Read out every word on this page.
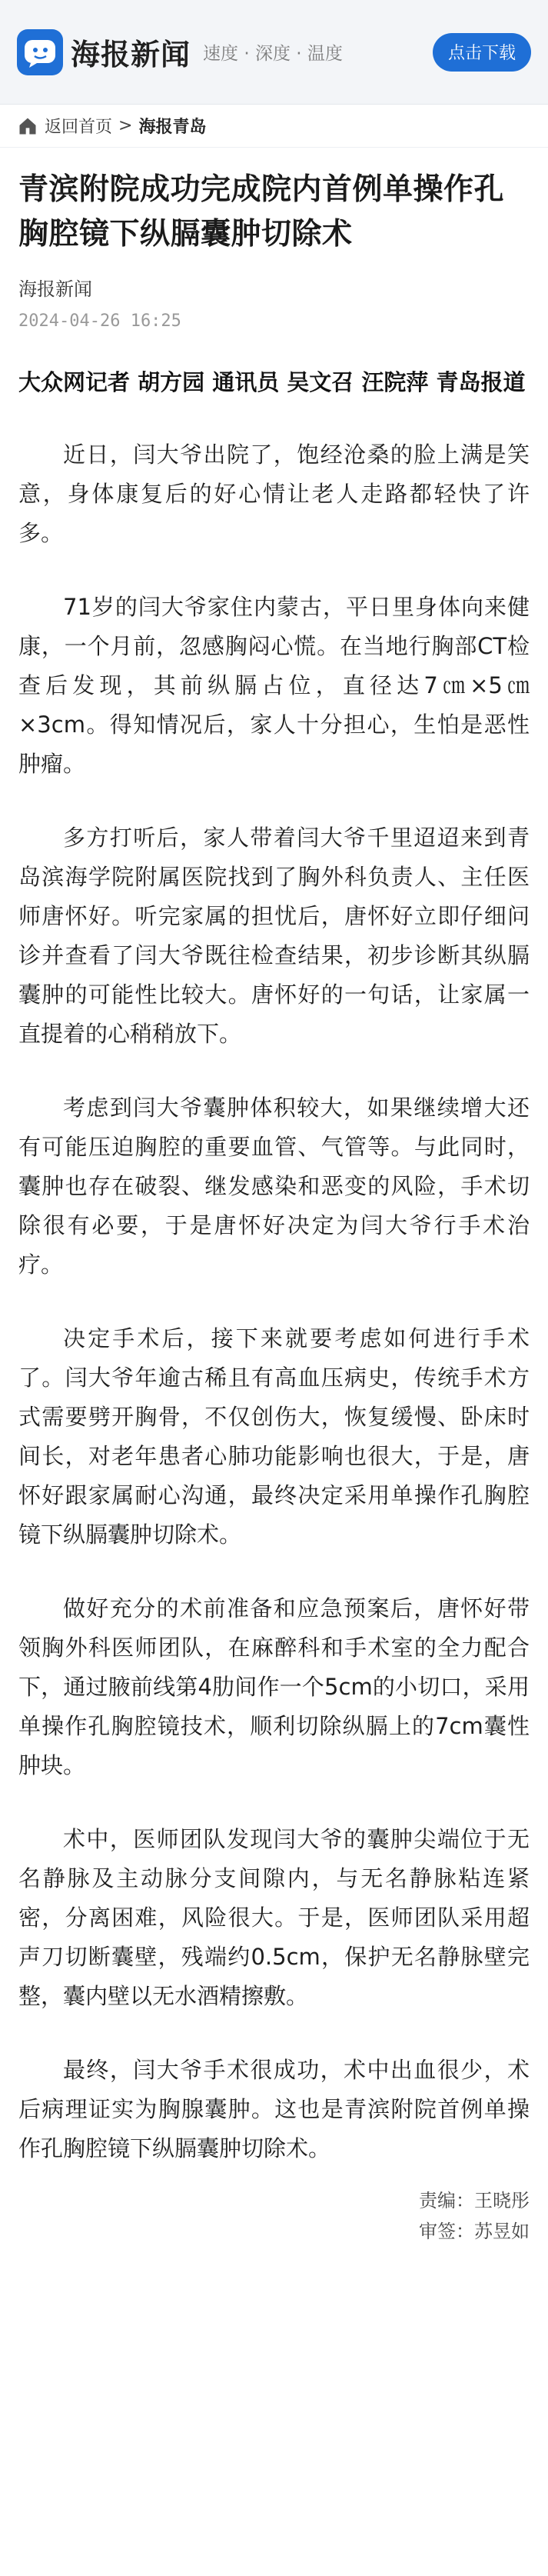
海报新闻 速度 · 深度 · 温度	点击下载
返回首页 > 海报青岛
青滨附院成功完成院内首例单操作孔胸腔镜下纵膈囊肿切除术
海报新闻
2024-04-26 16:25

大众网记者 胡方园 通讯员 吴文召 汪院萍 青岛报道

近日，闫大爷出院了，饱经沧桑的脸上满是笑意，身体康复后的好心情让老人走路都轻快了许多。

71岁的闫大爷家住内蒙古，平日里身体向来健康，一个月前，忽感胸闷心慌。在当地行胸部CT检查后发现，其前纵膈占位，直径达7㎝×5㎝×3cm。得知情况后，家人十分担心，生怕是恶性肿瘤。

多方打听后，家人带着闫大爷千里迢迢来到青岛滨海学院附属医院找到了胸外科负责人、主任医师唐怀好。听完家属的担忧后，唐怀好立即仔细问诊并查看了闫大爷既往检查结果，初步诊断其纵膈囊肿的可能性比较大。唐怀好的一句话，让家属一直提着的心稍稍放下。

考虑到闫大爷囊肿体积较大，如果继续增大还有可能压迫胸腔的重要血管、气管等。与此同时，囊肿也存在破裂、继发感染和恶变的风险，手术切除很有必要，于是唐怀好决定为闫大爷行手术治疗。

决定手术后，接下来就要考虑如何进行手术了。闫大爷年逾古稀且有高血压病史，传统手术方式需要劈开胸骨，不仅创伤大，恢复缓慢、卧床时间长，对老年患者心肺功能影响也很大，于是，唐怀好跟家属耐心沟通，最终决定采用单操作孔胸腔镜下纵膈囊肿切除术。

做好充分的术前准备和应急预案后，唐怀好带领胸外科医师团队，在麻醉科和手术室的全力配合下，通过腋前线第4肋间作一个5cm的小切口，采用单操作孔胸腔镜技术，顺利切除纵膈上的7cm囊性肿块。

术中，医师团队发现闫大爷的囊肿尖端位于无名静脉及主动脉分支间隙内，与无名静脉粘连紧密，分离困难，风险很大。于是，医师团队采用超声刀切断囊壁，残端约0.5cm，保护无名静脉壁完整，囊内壁以无水酒精擦敷。

最终，闫大爷手术很成功，术中出血很少，术后病理证实为胸腺囊肿。这也是青滨附院首例单操作孔胸腔镜下纵膈囊肿切除术。

责编：王晓彤
审签：苏昱如
